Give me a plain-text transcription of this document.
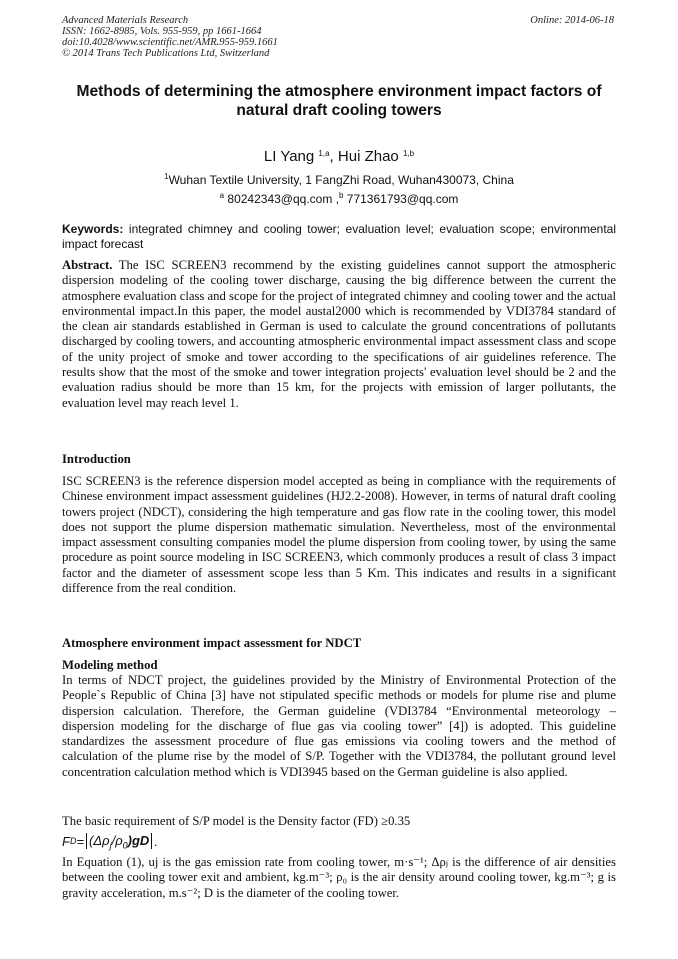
Advanced Materials Research
ISSN: 1662-8985, Vols. 955-959, pp 1661-1664
doi:10.4028/www.scientific.net/AMR.955-959.1661
© 2014 Trans Tech Publications Ltd, Switzerland
Online: 2014-06-18
Methods of determining the atmosphere environment impact factors of natural draft cooling towers
LI Yang $^{1,a}$, Hui Zhao $^{1,b}$
$^1$Wuhan Textile University, 1 FangZhi Road, Wuhan430073, China
$^a$ 80242343@qq.com ,$^b$ 771361793@qq.com
Keywords: integrated chimney and cooling tower; evaluation level; evaluation scope; environmental impact forecast
Abstract. The ISC SCREEN3 recommend by the existing guidelines cannot support the atmospheric dispersion modeling of the cooling tower discharge, causing the big difference between the current the atmosphere evaluation class and scope for the project of integrated chimney and cooling tower and the actual environmental impact.In this paper, the model austal2000 which is recommended by VDI3784 standard of the clean air standards established in German is used to calculate the ground concentrations of pollutants discharged by cooling towers, and accounting atmospheric environmental impact assessment class and scope of the unity project of smoke and tower according to the specifications of air guidelines reference. The results show that the most of the smoke and tower integration projects' evaluation level should be 2 and the evaluation radius should be more than 15 km, for the projects with emission of larger pollutants, the evaluation level may reach level 1.
Introduction
ISC SCREEN3 is the reference dispersion model accepted as being in compliance with the requirements of Chinese environment impact assessment guidelines (HJ2.2-2008). However, in terms of natural draft cooling towers project (NDCT), considering the high temperature and gas flow rate in the cooling tower, this model does not support the plume dispersion mathematic simulation. Nevertheless, most of the environmental impact assessment consulting companies model the plume dispersion from cooling tower, by using the same procedure as point source modeling in ISC SCREEN3, which commonly produces a result of class 3 impact factor and the diameter of assessment scope less than 5 Km. This indicates and results in a significant difference from the real condition.
Atmosphere environment impact assessment for NDCT
Modeling method
In terms of NDCT project, the guidelines provided by the Ministry of Environmental Protection of the People`s Republic of China [3] have not stipulated specific methods or models for plume rise and plume dispersion calculation. Therefore, the German guideline (VDI3784 “Environmental meteorology – dispersion modeling for the discharge of flue gas via cooling tower” [4]) is adopted. This guideline standardizes the assessment procedure of flue gas emissions via cooling towers and the method of calculation of the plume rise by the model of S/P. Together with the VDI3784, the pollutant ground level concentration calculation method which is VDI3945 based on the German guideline is also applied.
The basic requirement of S/P model is the Density factor (FD) ≥0.35
F $D = (\Delta\rho_j/\rho_0)gD$ .
In Equation (1), uj is the gas emission rate from cooling tower, m·s⁻¹; Δρⱼ is the difference of air densities between the cooling tower exit and ambient, kg.m⁻³; ρ₀ is the air density around cooling tower, kg.m⁻³; g is gravity acceleration, m.s⁻²; D is the diameter of the cooling tower.
